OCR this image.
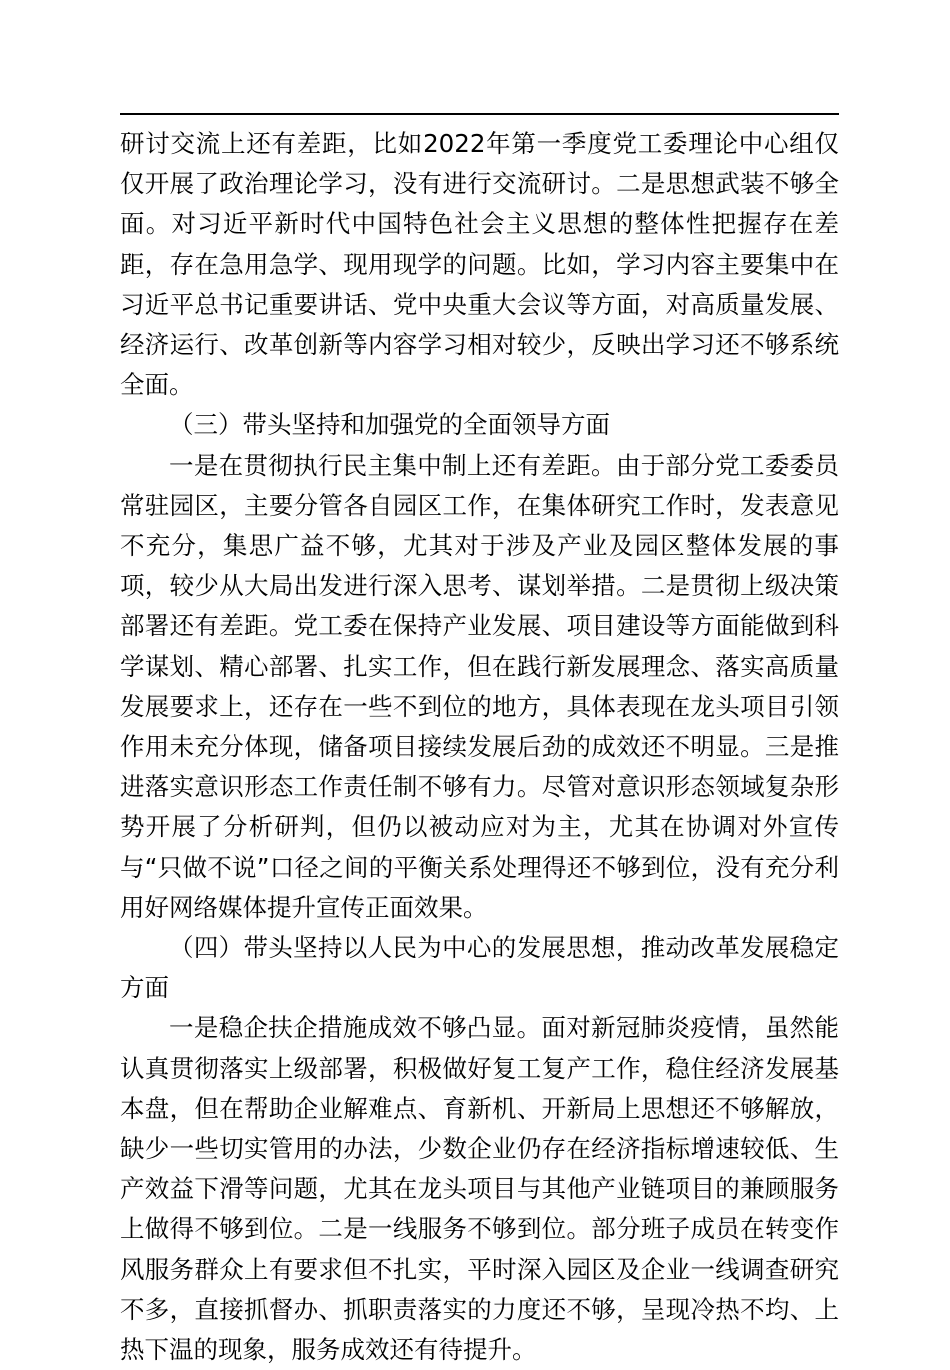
研讨交流上还有差距，比如2022年第一季度党工委理论中心组仅仅开展了政治理论学习，没有进行交流研讨。二是思想武装不够全面。对习近平新时代中国特色社会主义思想的整体性把握存在差距，存在急用急学、现用现学的问题。比如，学习内容主要集中在习近平总书记重要讲话、党中央重大会议等方面，对高质量发展、经济运行、改革创新等内容学习相对较少，反映出学习还不够系统全面。

（三）带头坚持和加强党的全面领导方面

一是在贯彻执行民主集中制上还有差距。由于部分党工委委员常驻园区，主要分管各自园区工作，在集体研究工作时，发表意见不充分，集思广益不够，尤其对于涉及产业及园区整体发展的事项，较少从大局出发进行深入思考、谋划举措。二是贯彻上级决策部署还有差距。党工委在保持产业发展、项目建设等方面能做到科学谋划、精心部署、扎实工作，但在践行新发展理念、落实高质量发展要求上，还存在一些不到位的地方，具体表现在龙头项目引领作用未充分体现，储备项目接续发展后劲的成效还不明显。三是推进落实意识形态工作责任制不够有力。尽管对意识形态领域复杂形势开展了分析研判，但仍以被动应对为主，尤其在协调对外宣传与“只做不说”口径之间的平衡关系处理得还不够到位，没有充分利用好网络媒体提升宣传正面效果。

（四）带头坚持以人民为中心的发展思想，推动改革发展稳定方面

一是稳企扶企措施成效不够凸显。面对新冠肺炎疫情，虽然能认真贯彻落实上级部署，积极做好复工复产工作，稳住经济发展基本盘，但在帮助企业解难点、育新机、开新局上思想还不够解放，缺少一些切实管用的办法，少数企业仍存在经济指标增速较低、生产效益下滑等问题，尤其在龙头项目与其他产业链项目的兼顾服务上做得不够到位。二是一线服务不够到位。部分班子成员在转变作风服务群众上有要求但不扎实，平时深入园区及企业一线调查研究不多，直接抓督办、抓职责落实的力度还不够，呈现冷热不均、上热下温的现象，服务成效还有待提升。
